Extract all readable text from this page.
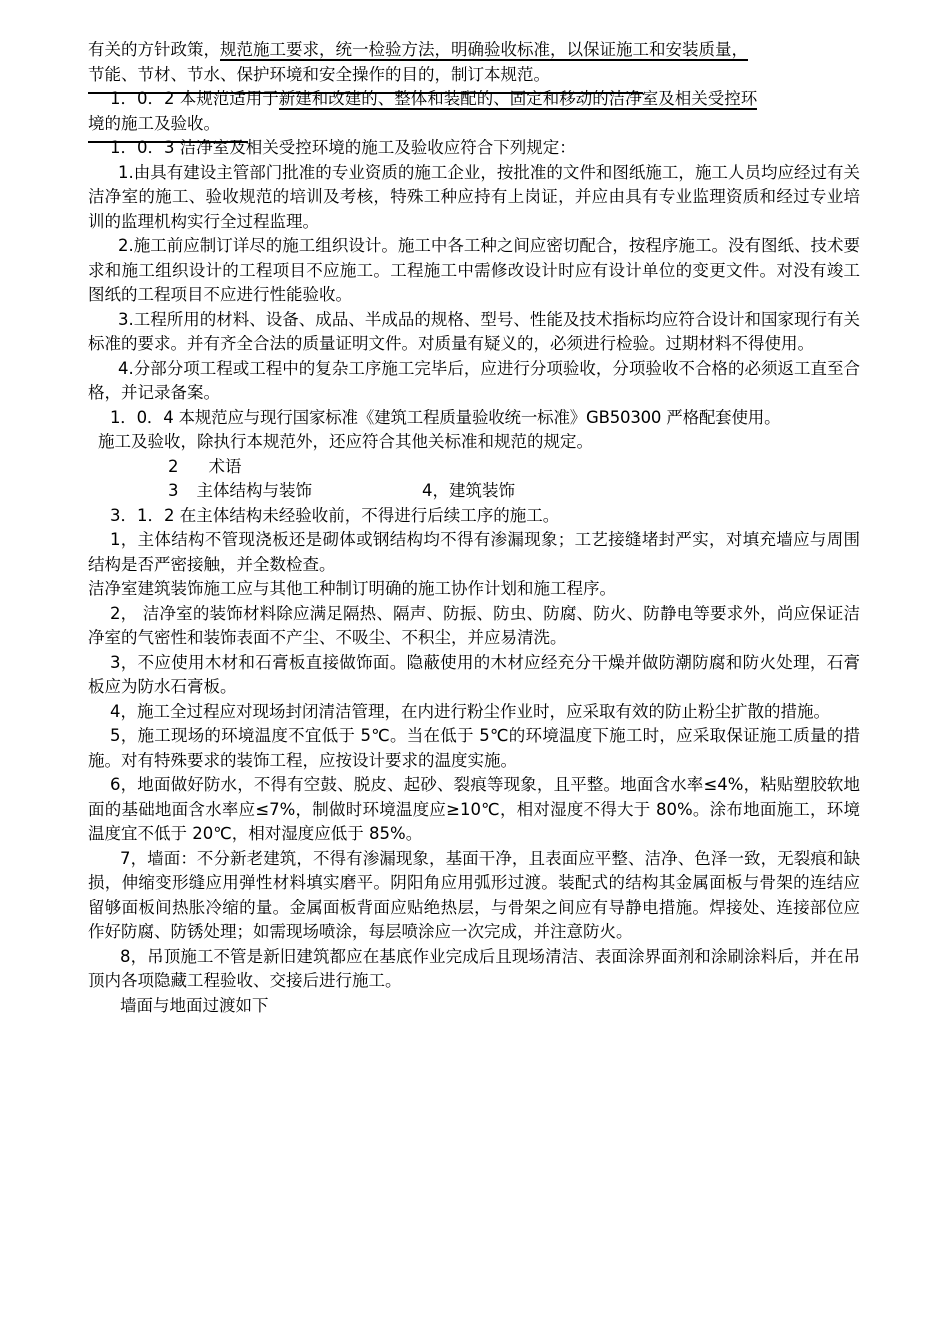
有关的方针政策，规范施工要求，统一检验方法，明确验收标准，以保证施工和安装质量，

节能、节材、节水、保护环境和安全操作的目的，制订本规范。

1．0．2 本规范适用于新建和改建的、整体和装配的、固定和移动的洁净室及相关受控环

境的施工及验收。

1．0．3 洁净室及相关受控环境的施工及验收应符合下列规定：

1.由具有建设主管部门批准的专业资质的施工企业，按批准的文件和图纸施工，施工人员均应经过有关洁净室的施工、验收规范的培训及考核，特殊工种应持有上岗证，并应由具有专业监理资质和经过专业培训的监理机构实行全过程监理。

2.施工前应制订详尽的施工组织设计。施工中各工种之间应密切配合，按程序施工。没有图纸、技术要求和施工组织设计的工程项目不应施工。工程施工中需修改设计时应有设计单位的变更文件。对没有竣工图纸的工程项目不应进行性能验收。

3.工程所用的材料、设备、成品、半成品的规格、型号、性能及技术指标均应符合设计和国家现行有关标准的要求。并有齐全合法的质量证明文件。对质量有疑义的，必须进行检验。过期材料不得使用。

4.分部分项工程或工程中的复杂工序施工完毕后，应进行分项验收，分项验收不合格的必须返工直至合格，并记录备案。

1．0．4 本规范应与现行国家标准《建筑工程质量验收统一标准》GB50300 严格配套使用。

施工及验收，除执行本规范外，还应符合其他关标准和规范的规定。

2 术语

3 主体结构与装饰	4，建筑装饰

3．1．2 在主体结构未经验收前，不得进行后续工序的施工。

1，主体结构不管现浇板还是砌体或钢结构均不得有渗漏现象；工艺接缝堵封严实，对填充墙应与周围结构是否严密接触，并全数检查。

洁净室建筑装饰施工应与其他工种制订明确的施工协作计划和施工程序。

2， 洁净室的装饰材料除应满足隔热、隔声、防振、防虫、防腐、防火、防静电等要求外，尚应保证洁净室的气密性和装饰表面不产尘、不吸尘、不积尘，并应易清洗。

3，不应使用木材和石膏板直接做饰面。隐蔽使用的木材应经充分干燥并做防潮防腐和防火处理，石膏板应为防水石膏板。

4，施工全过程应对现场封闭清洁管理，在内进行粉尘作业时，应采取有效的防止粉尘扩散的措施。

5，施工现场的环境温度不宜低于 5℃。当在低于 5℃的环境温度下施工时，应采取保证施工质量的措施。对有特殊要求的装饰工程，应按设计要求的温度实施。

6，地面做好防水，不得有空鼓、脱皮、起砂、裂痕等现象，且平整。地面含水率≤4%，粘贴塑胶软地面的基础地面含水率应≤7%，制做时环境温度应≥10℃，相对湿度不得大于 80%。涂布地面施工，环境温度宜不低于 20℃，相对湿度应低于 85%。

7，墙面：不分新老建筑，不得有渗漏现象，基面干净，且表面应平整、洁净、色泽一致，无裂痕和缺损，伸缩变形缝应用弹性材料填实磨平。阴阳角应用弧形过渡。装配式的结构其金属面板与骨架的连结应留够面板间热胀冷缩的量。金属面板背面应贴绝热层，与骨架之间应有导静电措施。焊接处、连接部位应作好防腐、防锈处理；如需现场喷涂，每层喷涂应一次完成，并注意防火。

8，吊顶施工不管是新旧建筑都应在基底作业完成后且现场清洁、表面涂界面剂和涂刷涂料后，并在吊顶内各项隐藏工程验收、交接后进行施工。

墙面与地面过渡如下
